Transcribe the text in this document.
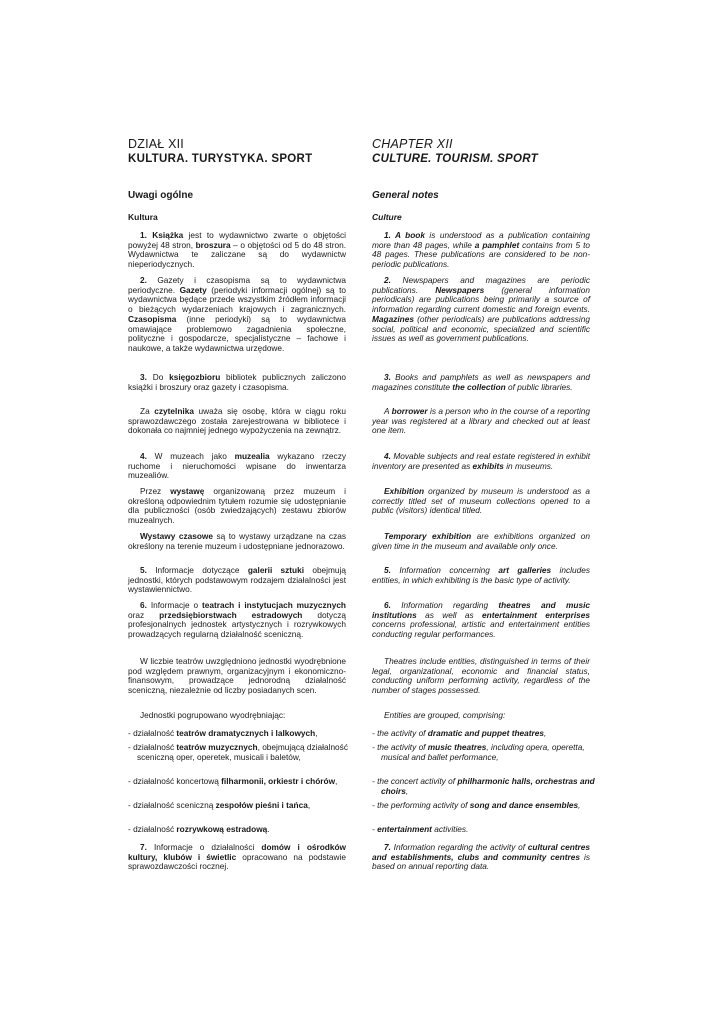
DZIAŁ XII
KULTURA. TURYSTYKA. SPORT
Uwagi ogólne
Kultura

1. Książka jest to wydawnictwo zwarte o objętości powyżej 48 stron, broszura – o objętości od 5 do 48 stron. Wydawnictwa te zaliczane są do wydawnictw nieperiodycznych.

2. Gazety i czasopisma są to wydawnictwa periodyczne. Gazety (periodyki informacji ogólnej) są to wydawnictwa będące przede wszystkim źródłem informacji o bieżących wydarzeniach krajowych i zagranicznych. Czasopisma (inne periodyki) są to wydawnictwa omawiające problemowo zagadnienia społeczne, polityczne i gospodarcze, specjalistyczne – fachowe i naukowe, a także wydawnictwa urzędowe.

3. Do księgozbioru bibliotek publicznych zaliczono książki i broszury oraz gazety i czasopisma.

Za czytelnika uważa się osobę, która w ciągu roku sprawozdawczego została zarejestrowana w bibliotece i dokonała co najmniej jednego wypożyczenia na zewnątrz.

4. W muzeach jako muzealia wykazano rzeczy ruchome i nieruchomości wpisane do inwentarza muzealiów.

Przez wystawę organizowaną przez muzeum i określoną odpowiednim tytułem rozumie się udostępnianie dla publiczności (osób zwiedzających) zestawu zbiorów muzealnych.

Wystawy czasowe są to wystawy urządzane na czas określony na terenie muzeum i udostępniane jednorazowo.

5. Informacje dotyczące galerii sztuki obejmują jednostki, których podstawowym rodzajem działalności jest wystawiennictwo.

6. Informacje o teatrach i instytucjach muzycznych oraz przedsiębiorstwach estradowych dotyczą profesjonalnych jednostek artystycznych i rozrywkowych prowadzących regularną działalność sceniczną.

W liczbie teatrów uwzględniono jednostki wyodrębnione pod względem prawnym, organizacyjnym i ekonomiczno-finansowym, prowadzące jednorodną działalność sceniczną, niezależnie od liczby posiadanych scen.

Jednostki pogrupowano wyodrębniając:

- działalność teatrów dramatycznych i lalkowych,

- działalność teatrów muzycznych, obejmującą działalność sceniczną oper, operetek, musicali i baletów,

- działalność koncertową filharmonii, orkiestr i chórów,

- działalność sceniczną zespołów pieśni i tańca,

- działalność rozrywkową estradową.

7. Informacje o działalności domów i ośrodków kultury, klubów i świetlic opracowano na podstawie sprawozdawczości rocznej.

CHAPTER XII
CULTURE. TOURISM. SPORT
General notes
Culture

1. A book is understood as a publication containing more than 48 pages, while a pamphlet contains from 5 to 48 pages. These publications are considered to be non-periodic publications.

2. Newspapers and magazines are periodic publications. Newspapers (general information periodicals) are publications being primarily a source of information regarding current domestic and foreign events. Magazines (other periodicals) are publications addressing social, political and economic, specialized and scientific issues as well as government publications.

3. Books and pamphlets as well as newspapers and magazines constitute the collection of public libraries.

A borrower is a person who in the course of a reporting year was registered at a library and checked out at least one item.

4. Movable subjects and real estate registered in exhibit inventory are presented as exhibits in museums.

Exhibition organized by museum is understood as a correctly titled set of museum collections opened to a public (visitors) identical titled.

Temporary exhibition are exhibitions organized on given time in the museum and available only once.

5. Information concerning art galleries includes entities, in which exhibiting is the basic type of activity.

6. Information regarding theatres and music institutions as well as entertainment enterprises concerns professional, artistic and entertainment entities conducting regular performances.

Theatres include entities, distinguished in terms of their legal, organizational, economic and financial status, conducting uniform performing activity, regardless of the number of stages possessed.

Entities are grouped, comprising:

- the activity of dramatic and puppet theatres,

- the activity of music theatres, including opera, operetta, musical and ballet performance,

- the concert activity of philharmonic halls, orchestras and choirs,

- the performing activity of song and dance ensembles,

- entertainment activities.

7. Information regarding the activity of cultural centres and establishments, clubs and community centres is based on annual reporting data.
